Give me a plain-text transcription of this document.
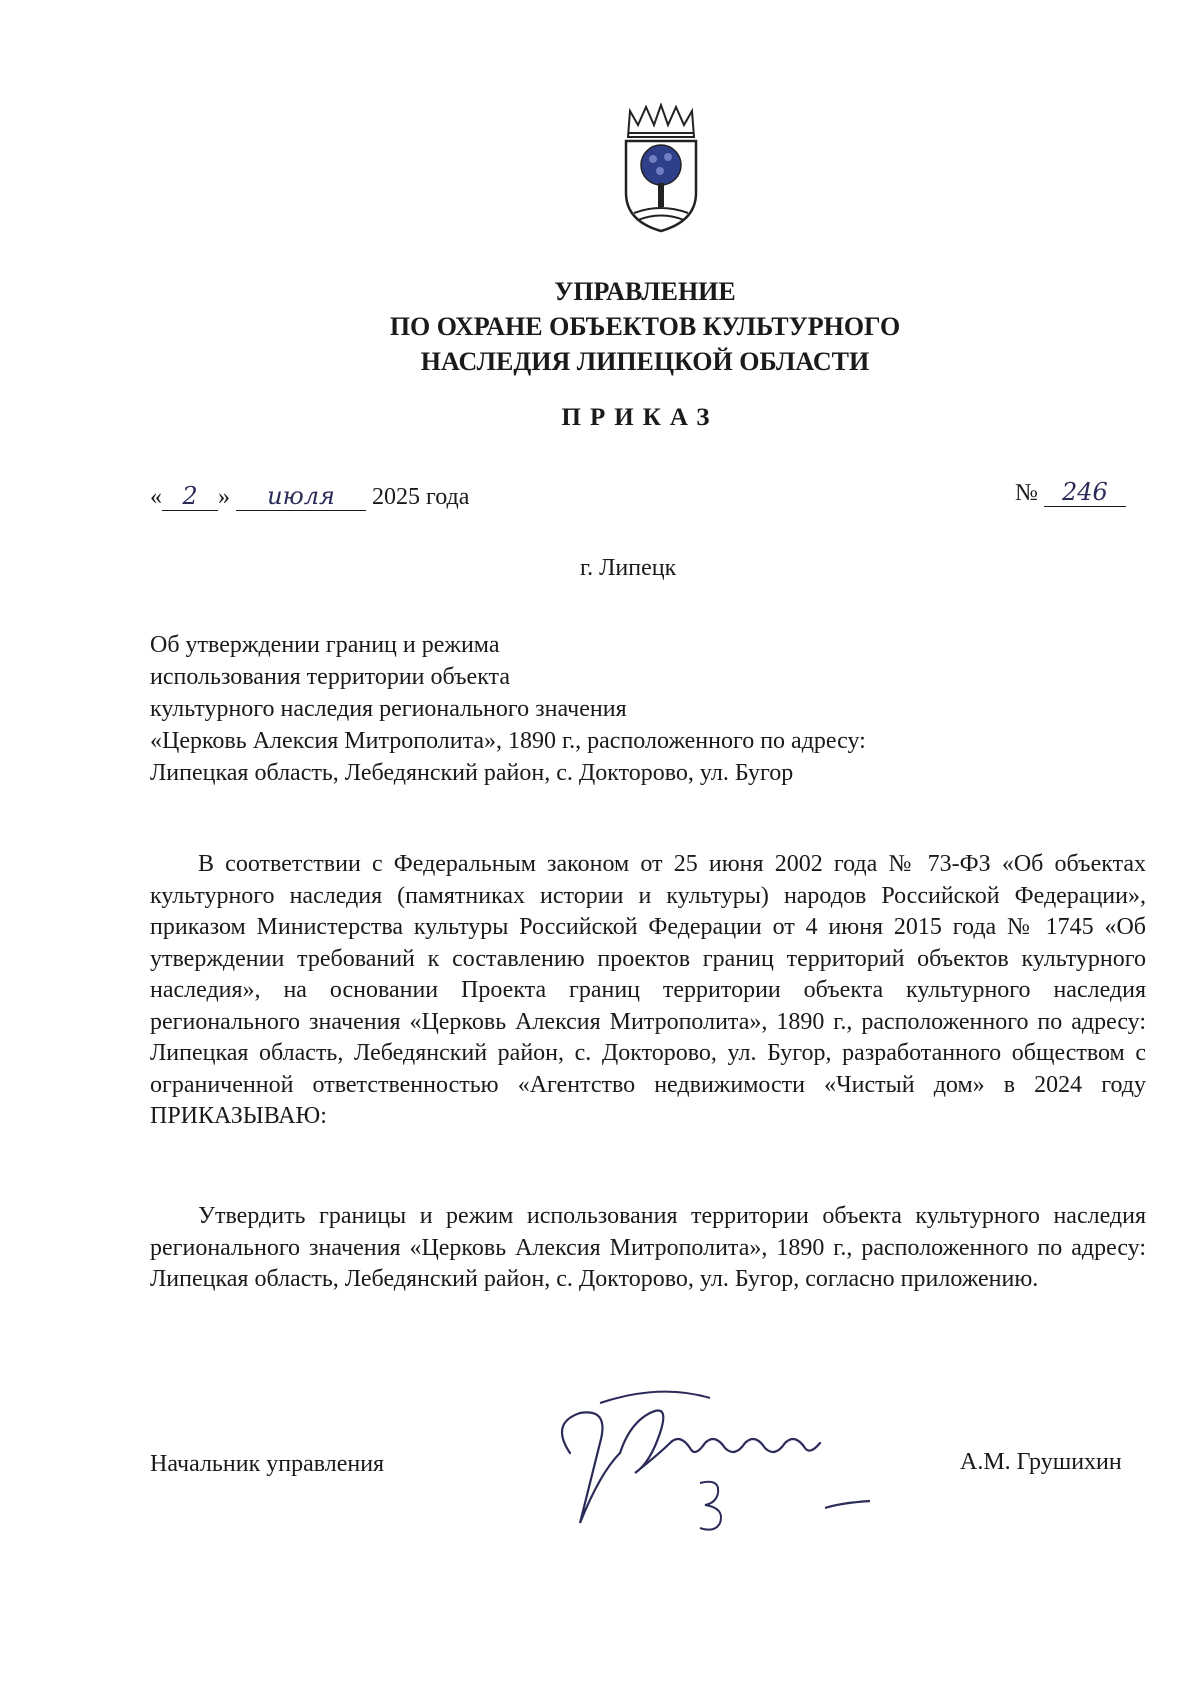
УПРАВЛЕНИЕ
ПО ОХРАНЕ ОБЪЕКТОВ КУЛЬТУРНОГО
НАСЛЕДИЯ ЛИПЕЦКОЙ ОБЛАСТИ
ПРИКАЗ
« 2 » июля 2025 года	№ 246
г. Липецк
Об утверждении границ и режима
использования территории объекта
культурного наследия регионального значения
«Церковь Алексия Митрополита», 1890 г., расположенного по адресу:
Липецкая область, Лебедянский район, с. Докторово, ул. Бугор

В соответствии с Федеральным законом от 25 июня 2002 года № 73-ФЗ «Об объектах культурного наследия (памятниках истории и культуры) народов Российской Федерации», приказом Министерства культуры Российской Федерации от 4 июня 2015 года № 1745 «Об утверждении требований к составлению проектов границ территорий объектов культурного наследия», на основании Проекта границ территории объекта культурного наследия регионального значения «Церковь Алексия Митрополита», 1890 г., расположенного по адресу: Липецкая область, Лебедянский район, с. Докторово, ул. Бугор, разработанного обществом с ограниченной ответственностью «Агентство недвижимости «Чистый дом» в 2024 году ПРИКАЗЫВАЮ:

Утвердить границы и режим использования территории объекта культурного наследия регионального значения «Церковь Алексия Митрополита», 1890 г., расположенного по адресу: Липецкая область, Лебедянский район, с. Докторово, ул. Бугор, согласно приложению.

Начальник управления	А.М. Грушихин
